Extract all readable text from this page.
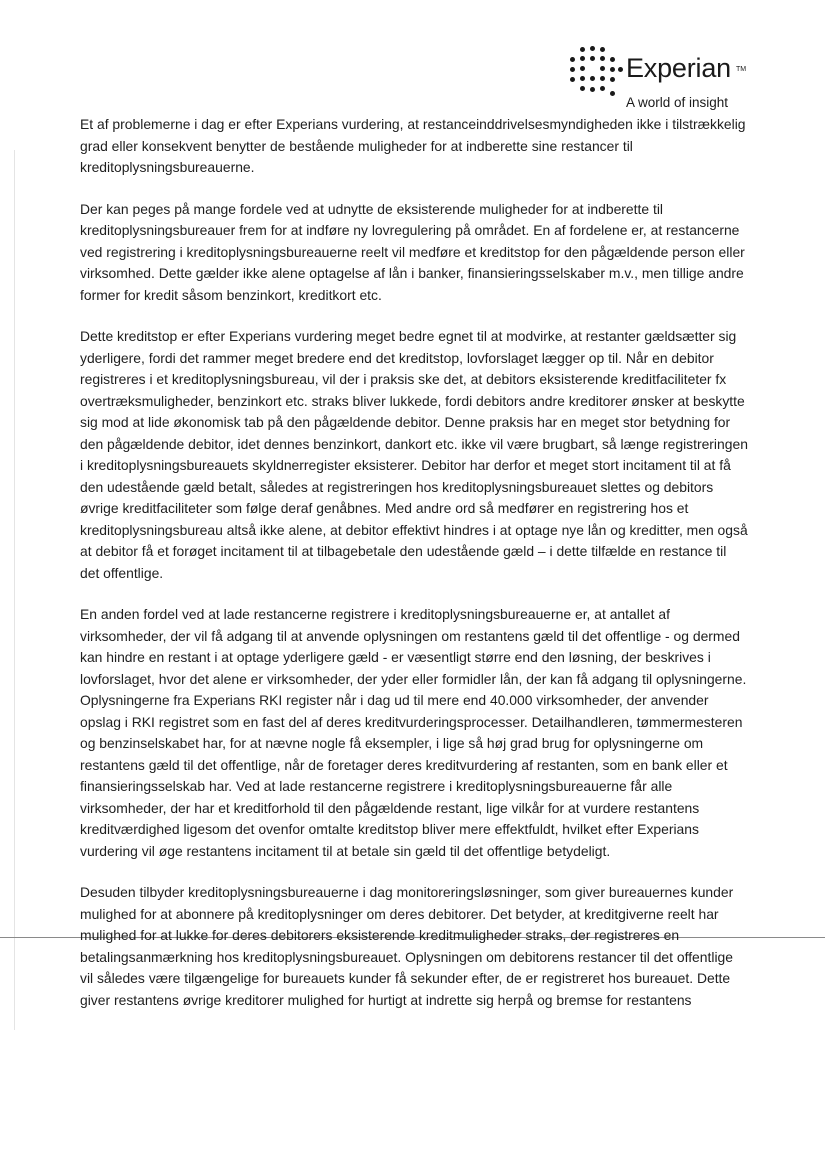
Experian TM
A world of insight

Et af problemerne i dag er efter Experians vurdering, at restanceinddrivelsesmyndigheden ikke i tilstrækkelig grad eller konsekvent benytter de bestående muligheder for at indberette sine restancer til kreditoplysningsbureauerne.

Der kan peges på mange fordele ved at udnytte de eksisterende muligheder for at indberette til kreditoplysningsbureauer frem for at indføre ny lovregulering på området. En af fordelene er, at restancerne ved registrering i kreditoplysningsbureauerne reelt vil medføre et kreditstop for den pågældende person eller virksomhed. Dette gælder ikke alene optagelse af lån i banker, finansieringsselskaber m.v., men tillige andre former for kredit såsom benzinkort, kreditkort etc.

Dette kreditstop er efter Experians vurdering meget bedre egnet til at modvirke, at restanter gældsætter sig yderligere, fordi det rammer meget bredere end det kreditstop, lovforslaget lægger op til. Når en debitor registreres i et kreditoplysningsbureau, vil der i praksis ske det, at debitors eksisterende kreditfaciliteter fx overtræksmuligheder, benzinkort etc. straks bliver lukkede, fordi debitors andre kreditorer ønsker at beskytte sig mod at lide økonomisk tab på den pågældende debitor. Denne praksis har en meget stor betydning for den pågældende debitor, idet dennes benzinkort, dankort etc. ikke vil være brugbart, så længe registreringen i kreditoplysningsbureauets skyldnerregister eksisterer. Debitor har derfor et meget stort incitament til at få den udestående gæld betalt, således at registreringen hos kreditoplysningsbureauet slettes og debitors øvrige kreditfaciliteter som følge deraf genåbnes. Med andre ord så medfører en registrering hos et kreditoplysningsbureau altså ikke alene, at debitor effektivt hindres i at optage nye lån og kreditter, men også at debitor få et forøget incitament til at tilbagebetale den udestående gæld – i dette tilfælde en restance til det offentlige.

En anden fordel ved at lade restancerne registrere i kreditoplysningsbureauerne er, at antallet af virksomheder, der vil få adgang til at anvende oplysningen om restantens gæld til det offentlige - og dermed kan hindre en restant i at optage yderligere gæld - er væsentligt større end den løsning, der beskrives i lovforslaget, hvor det alene er virksomheder, der yder eller formidler lån, der kan få adgang til oplysningerne. Oplysningerne fra Experians RKI register når i dag ud til mere end 40.000 virksomheder, der anvender opslag i RKI registret som en fast del af deres kreditvurderingsprocesser. Detailhandleren, tømmermesteren og benzinselskabet har, for at nævne nogle få eksempler, i lige så høj grad brug for oplysningerne om restantens gæld til det offentlige, når de foretager deres kreditvurdering af restanten, som en bank eller et finansieringsselskab har. Ved at lade restancerne registrere i kreditoplysningsbureauerne får alle virksomheder, der har et kreditforhold til den pågældende restant, lige vilkår for at vurdere restantens kreditværdighed ligesom det ovenfor omtalte kreditstop bliver mere effektfuldt, hvilket efter Experians vurdering vil øge restantens incitament til at betale sin gæld til det offentlige betydeligt.

Desuden tilbyder kreditoplysningsbureauerne i dag monitoreringsløsninger, som giver bureauernes kunder mulighed for at abonnere på kreditoplysninger om deres debitorer. Det betyder, at kreditgiverne reelt har mulighed for at lukke for deres debitorers eksisterende kreditmuligheder straks, der registreres en betalingsanmærkning hos kreditoplysningsbureauet. Oplysningen om debitorens restancer til det offentlige vil således være tilgængelige for bureauets kunder få sekunder efter, de er registreret hos bureauet. Dette giver restantens øvrige kreditorer mulighed for hurtigt at indrette sig herpå og bremse for restantens
